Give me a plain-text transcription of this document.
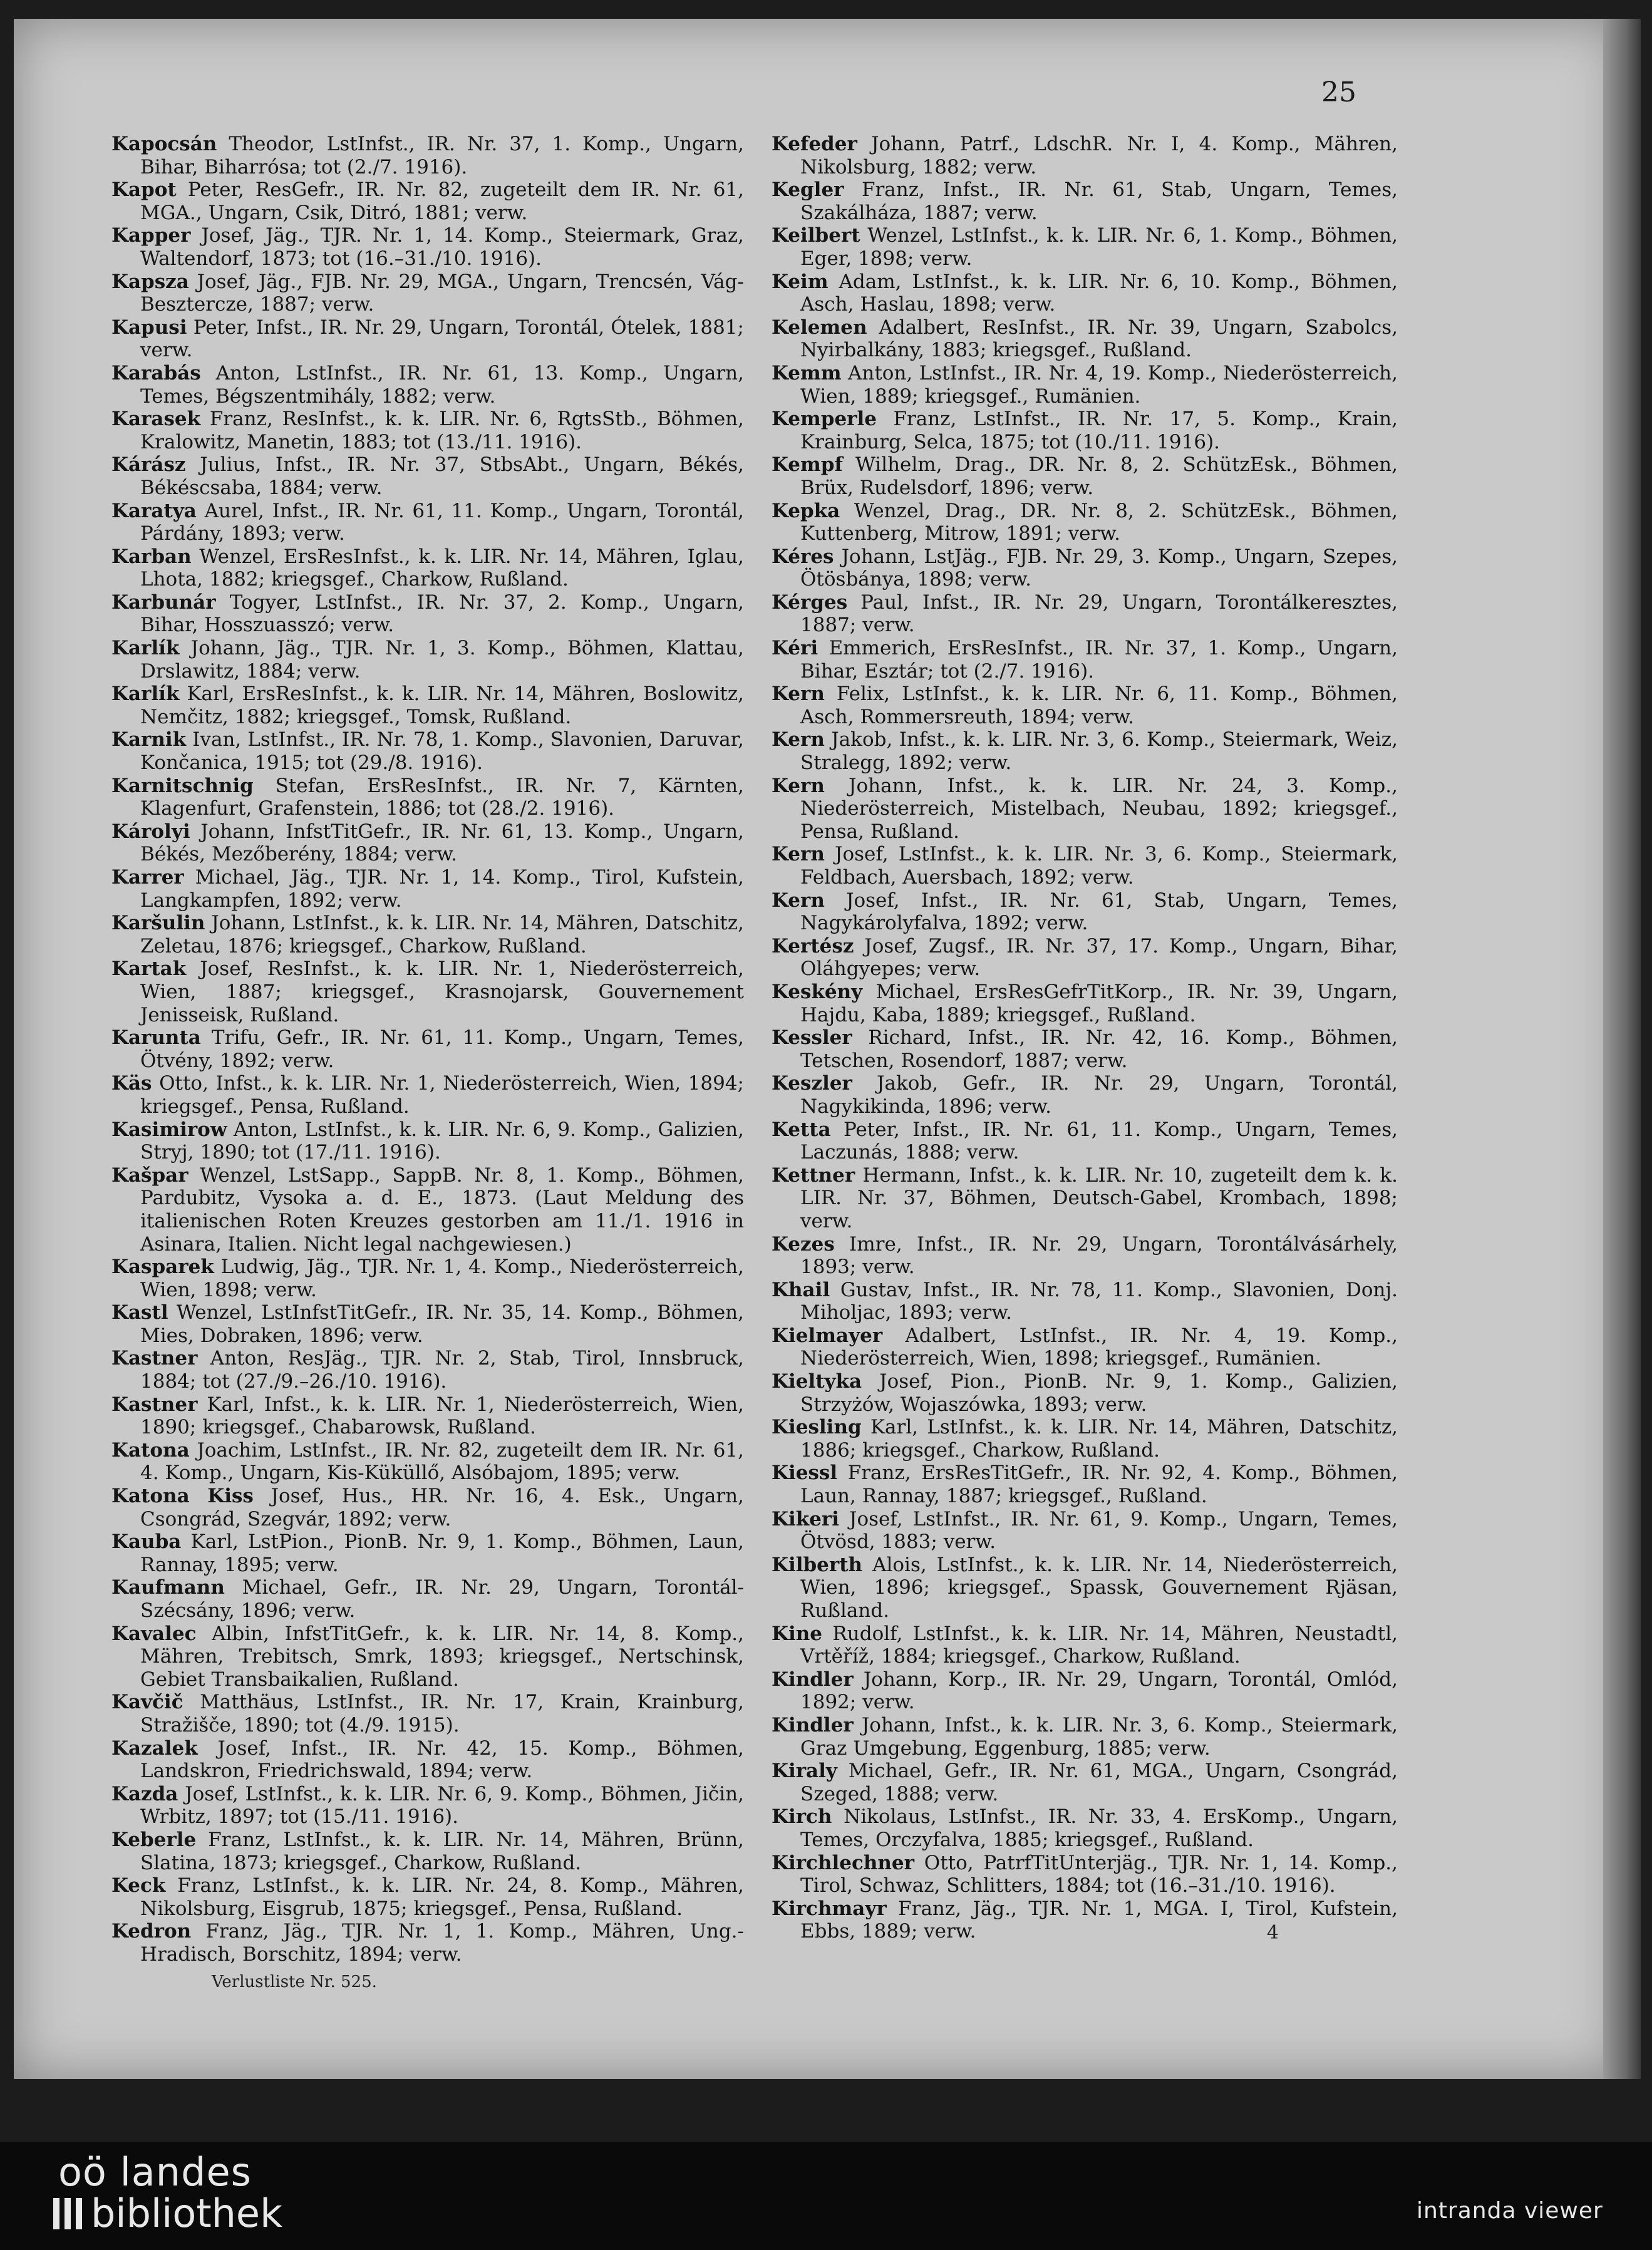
25

Kapocsán Theodor, LstInfst., IR. Nr. 37, 1. Komp., Ungarn, Bihar, Biharrósa; tot (2./7. 1916).

Kapot Peter, ResGefr., IR. Nr. 82, zugeteilt dem IR. Nr. 61, MGA., Ungarn, Csik, Ditró, 1881; verw.

Kapper Josef, Jäg., TJR. Nr. 1, 14. Komp., Steiermark, Graz, Waltendorf, 1873; tot (16.–31./10. 1916).

Kapsza Josef, Jäg., FJB. Nr. 29, MGA., Ungarn, Trencsén, Vág-Besztercze, 1887; verw.

Kapusi Peter, Infst., IR. Nr. 29, Ungarn, Torontál, Ótelek, 1881; verw.

Karabás Anton, LstInfst., IR. Nr. 61, 13. Komp., Ungarn, Temes, Bégszentmihály, 1882; verw.

Karasek Franz, ResInfst., k. k. LIR. Nr. 6, RgtsStb., Böhmen, Kralowitz, Manetin, 1883; tot (13./11. 1916).

Kárász Julius, Infst., IR. Nr. 37, StbsAbt., Ungarn, Békés, Békéscsaba, 1884; verw.

Karatya Aurel, Infst., IR. Nr. 61, 11. Komp., Ungarn, Torontál, Párdány, 1893; verw.

Karban Wenzel, ErsResInfst., k. k. LIR. Nr. 14, Mähren, Iglau, Lhota, 1882; kriegsgef., Charkow, Rußland.

Karbunár Togyer, LstInfst., IR. Nr. 37, 2. Komp., Ungarn, Bihar, Hosszuasszó; verw.

Karlík Johann, Jäg., TJR. Nr. 1, 3. Komp., Böhmen, Klattau, Drslawitz, 1884; verw.

Karlík Karl, ErsResInfst., k. k. LIR. Nr. 14, Mähren, Boslowitz, Nemčitz, 1882; kriegsgef., Tomsk, Rußland.

Karnik Ivan, LstInfst., IR. Nr. 78, 1. Komp., Slavonien, Daruvar, Končanica, 1915; tot (29./8. 1916).

Karnitschnig Stefan, ErsResInfst., IR. Nr. 7, Kärnten, Klagenfurt, Grafenstein, 1886; tot (28./2. 1916).

Károlyi Johann, InfstTitGefr., IR. Nr. 61, 13. Komp., Ungarn, Békés, Mezőberény, 1884; verw.

Karrer Michael, Jäg., TJR. Nr. 1, 14. Komp., Tirol, Kufstein, Langkampfen, 1892; verw.

Karšulin Johann, LstInfst., k. k. LIR. Nr. 14, Mähren, Datschitz, Zeletau, 1876; kriegsgef., Charkow, Rußland.

Kartak Josef, ResInfst., k. k. LIR. Nr. 1, Niederösterreich, Wien, 1887; kriegsgef., Krasnojarsk, Gouvernement Jenisseisk, Rußland.

Karunta Trifu, Gefr., IR. Nr. 61, 11. Komp., Ungarn, Temes, Ötvény, 1892; verw.

Käs Otto, Infst., k. k. LIR. Nr. 1, Niederösterreich, Wien, 1894; kriegsgef., Pensa, Rußland.

Kasimirow Anton, LstInfst., k. k. LIR. Nr. 6, 9. Komp., Galizien, Stryj, 1890; tot (17./11. 1916).

Kašpar Wenzel, LstSapp., SappB. Nr. 8, 1. Komp., Böhmen, Pardubitz, Vysoka a. d. E., 1873. (Laut Meldung des italienischen Roten Kreuzes gestorben am 11./1. 1916 in Asinara, Italien. Nicht legal nachgewiesen.)

Kasparek Ludwig, Jäg., TJR. Nr. 1, 4. Komp., Niederösterreich, Wien, 1898; verw.

Kastl Wenzel, LstInfstTitGefr., IR. Nr. 35, 14. Komp., Böhmen, Mies, Dobraken, 1896; verw.

Kastner Anton, ResJäg., TJR. Nr. 2, Stab, Tirol, Innsbruck, 1884; tot (27./9.–26./10. 1916).

Kastner Karl, Infst., k. k. LIR. Nr. 1, Niederösterreich, Wien, 1890; kriegsgef., Chabarowsk, Rußland.

Katona Joachim, LstInfst., IR. Nr. 82, zugeteilt dem IR. Nr. 61, 4. Komp., Ungarn, Kis-Küküllő, Alsóbajom, 1895; verw.

Katona Kiss Josef, Hus., HR. Nr. 16, 4. Esk., Ungarn, Csongrád, Szegvár, 1892; verw.

Kauba Karl, LstPion., PionB. Nr. 9, 1. Komp., Böhmen, Laun, Rannay, 1895; verw.

Kaufmann Michael, Gefr., IR. Nr. 29, Ungarn, Torontál-Szécsány, 1896; verw.

Kavalec Albin, InfstTitGefr., k. k. LIR. Nr. 14, 8. Komp., Mähren, Trebitsch, Smrk, 1893; kriegsgef., Nertschinsk, Gebiet Transbaikalien, Rußland.

Kavčič Matthäus, LstInfst., IR. Nr. 17, Krain, Krainburg, Stražišče, 1890; tot (4./9. 1915).

Kazalek Josef, Infst., IR. Nr. 42, 15. Komp., Böhmen, Landskron, Friedrichswald, 1894; verw.

Kazda Josef, LstInfst., k. k. LIR. Nr. 6, 9. Komp., Böhmen, Jičin, Wrbitz, 1897; tot (15./11. 1916).

Keberle Franz, LstInfst., k. k. LIR. Nr. 14, Mähren, Brünn, Slatina, 1873; kriegsgef., Charkow, Rußland.

Keck Franz, LstInfst., k. k. LIR. Nr. 24, 8. Komp., Mähren, Nikolsburg, Eisgrub, 1875; kriegsgef., Pensa, Rußland.

Kedron Franz, Jäg., TJR. Nr. 1, 1. Komp., Mähren, Ung.-Hradisch, Borschitz, 1894; verw.

Verlustliste Nr. 525.

Kefeder Johann, Patrf., LdschR. Nr. I, 4. Komp., Mähren, Nikolsburg, 1882; verw.

Kegler Franz, Infst., IR. Nr. 61, Stab, Ungarn, Temes, Szakálháza, 1887; verw.

Keilbert Wenzel, LstInfst., k. k. LIR. Nr. 6, 1. Komp., Böhmen, Eger, 1898; verw.

Keim Adam, LstInfst., k. k. LIR. Nr. 6, 10. Komp., Böhmen, Asch, Haslau, 1898; verw.

Kelemen Adalbert, ResInfst., IR. Nr. 39, Ungarn, Szabolcs, Nyirbalkány, 1883; kriegsgef., Rußland.

Kemm Anton, LstInfst., IR. Nr. 4, 19. Komp., Niederösterreich, Wien, 1889; kriegsgef., Rumänien.

Kemperle Franz, LstInfst., IR. Nr. 17, 5. Komp., Krain, Krainburg, Selca, 1875; tot (10./11. 1916).

Kempf Wilhelm, Drag., DR. Nr. 8, 2. SchützEsk., Böhmen, Brüx, Rudelsdorf, 1896; verw.

Kepka Wenzel, Drag., DR. Nr. 8, 2. SchützEsk., Böhmen, Kuttenberg, Mitrow, 1891; verw.

Kéres Johann, LstJäg., FJB. Nr. 29, 3. Komp., Ungarn, Szepes, Ötösbánya, 1898; verw.

Kérges Paul, Infst., IR. Nr. 29, Ungarn, Torontálkeresztes, 1887; verw.

Kéri Emmerich, ErsResInfst., IR. Nr. 37, 1. Komp., Ungarn, Bihar, Esztár; tot (2./7. 1916).

Kern Felix, LstInfst., k. k. LIR. Nr. 6, 11. Komp., Böhmen, Asch, Rommersreuth, 1894; verw.

Kern Jakob, Infst., k. k. LIR. Nr. 3, 6. Komp., Steiermark, Weiz, Stralegg, 1892; verw.

Kern Johann, Infst., k. k. LIR. Nr. 24, 3. Komp., Niederösterreich, Mistelbach, Neubau, 1892; kriegsgef., Pensa, Rußland.

Kern Josef, LstInfst., k. k. LIR. Nr. 3, 6. Komp., Steiermark, Feldbach, Auersbach, 1892; verw.

Kern Josef, Infst., IR. Nr. 61, Stab, Ungarn, Temes, Nagykárolyfalva, 1892; verw.

Kertész Josef, Zugsf., IR. Nr. 37, 17. Komp., Ungarn, Bihar, Oláhgyepes; verw.

Keskény Michael, ErsResGefrTitKorp., IR. Nr. 39, Ungarn, Hajdu, Kaba, 1889; kriegsgef., Rußland.

Kessler Richard, Infst., IR. Nr. 42, 16. Komp., Böhmen, Tetschen, Rosendorf, 1887; verw.

Keszler Jakob, Gefr., IR. Nr. 29, Ungarn, Torontál, Nagykikinda, 1896; verw.

Ketta Peter, Infst., IR. Nr. 61, 11. Komp., Ungarn, Temes, Laczunás, 1888; verw.

Kettner Hermann, Infst., k. k. LIR. Nr. 10, zugeteilt dem k. k. LIR. Nr. 37, Böhmen, Deutsch-Gabel, Krombach, 1898; verw.

Kezes Imre, Infst., IR. Nr. 29, Ungarn, Torontálvásárhely, 1893; verw.

Khail Gustav, Infst., IR. Nr. 78, 11. Komp., Slavonien, Donj. Miholjac, 1893; verw.

Kielmayer Adalbert, LstInfst., IR. Nr. 4, 19. Komp., Niederösterreich, Wien, 1898; kriegsgef., Rumänien.

Kieltyka Josef, Pion., PionB. Nr. 9, 1. Komp., Galizien, Strzyżów, Wojaszówka, 1893; verw.

Kiesling Karl, LstInfst., k. k. LIR. Nr. 14, Mähren, Datschitz, 1886; kriegsgef., Charkow, Rußland.

Kiessl Franz, ErsResTitGefr., IR. Nr. 92, 4. Komp., Böhmen, Laun, Rannay, 1887; kriegsgef., Rußland.

Kikeri Josef, LstInfst., IR. Nr. 61, 9. Komp., Ungarn, Temes, Ötvösd, 1883; verw.

Kilberth Alois, LstInfst., k. k. LIR. Nr. 14, Niederösterreich, Wien, 1896; kriegsgef., Spassk, Gouvernement Rjäsan, Rußland.

Kine Rudolf, LstInfst., k. k. LIR. Nr. 14, Mähren, Neustadtl, Vrtěříž, 1884; kriegsgef., Charkow, Rußland.

Kindler Johann, Korp., IR. Nr. 29, Ungarn, Torontál, Omlód, 1892; verw.

Kindler Johann, Infst., k. k. LIR. Nr. 3, 6. Komp., Steiermark, Graz Umgebung, Eggenburg, 1885; verw.

Kiraly Michael, Gefr., IR. Nr. 61, MGA., Ungarn, Csongrád, Szeged, 1888; verw.

Kirch Nikolaus, LstInfst., IR. Nr. 33, 4. ErsKomp., Ungarn, Temes, Orczyfalva, 1885; kriegsgef., Rußland.

Kirchlechner Otto, PatrfTitUnterjäg., TJR. Nr. 1, 14. Komp., Tirol, Schwaz, Schlitters, 1884; tot (16.–31./10. 1916).

Kirchmayr Franz, Jäg., TJR. Nr. 1, MGA. I, Tirol, Kufstein, Ebbs, 1889; verw.	4
oö landes
bibliothek	intranda viewer
